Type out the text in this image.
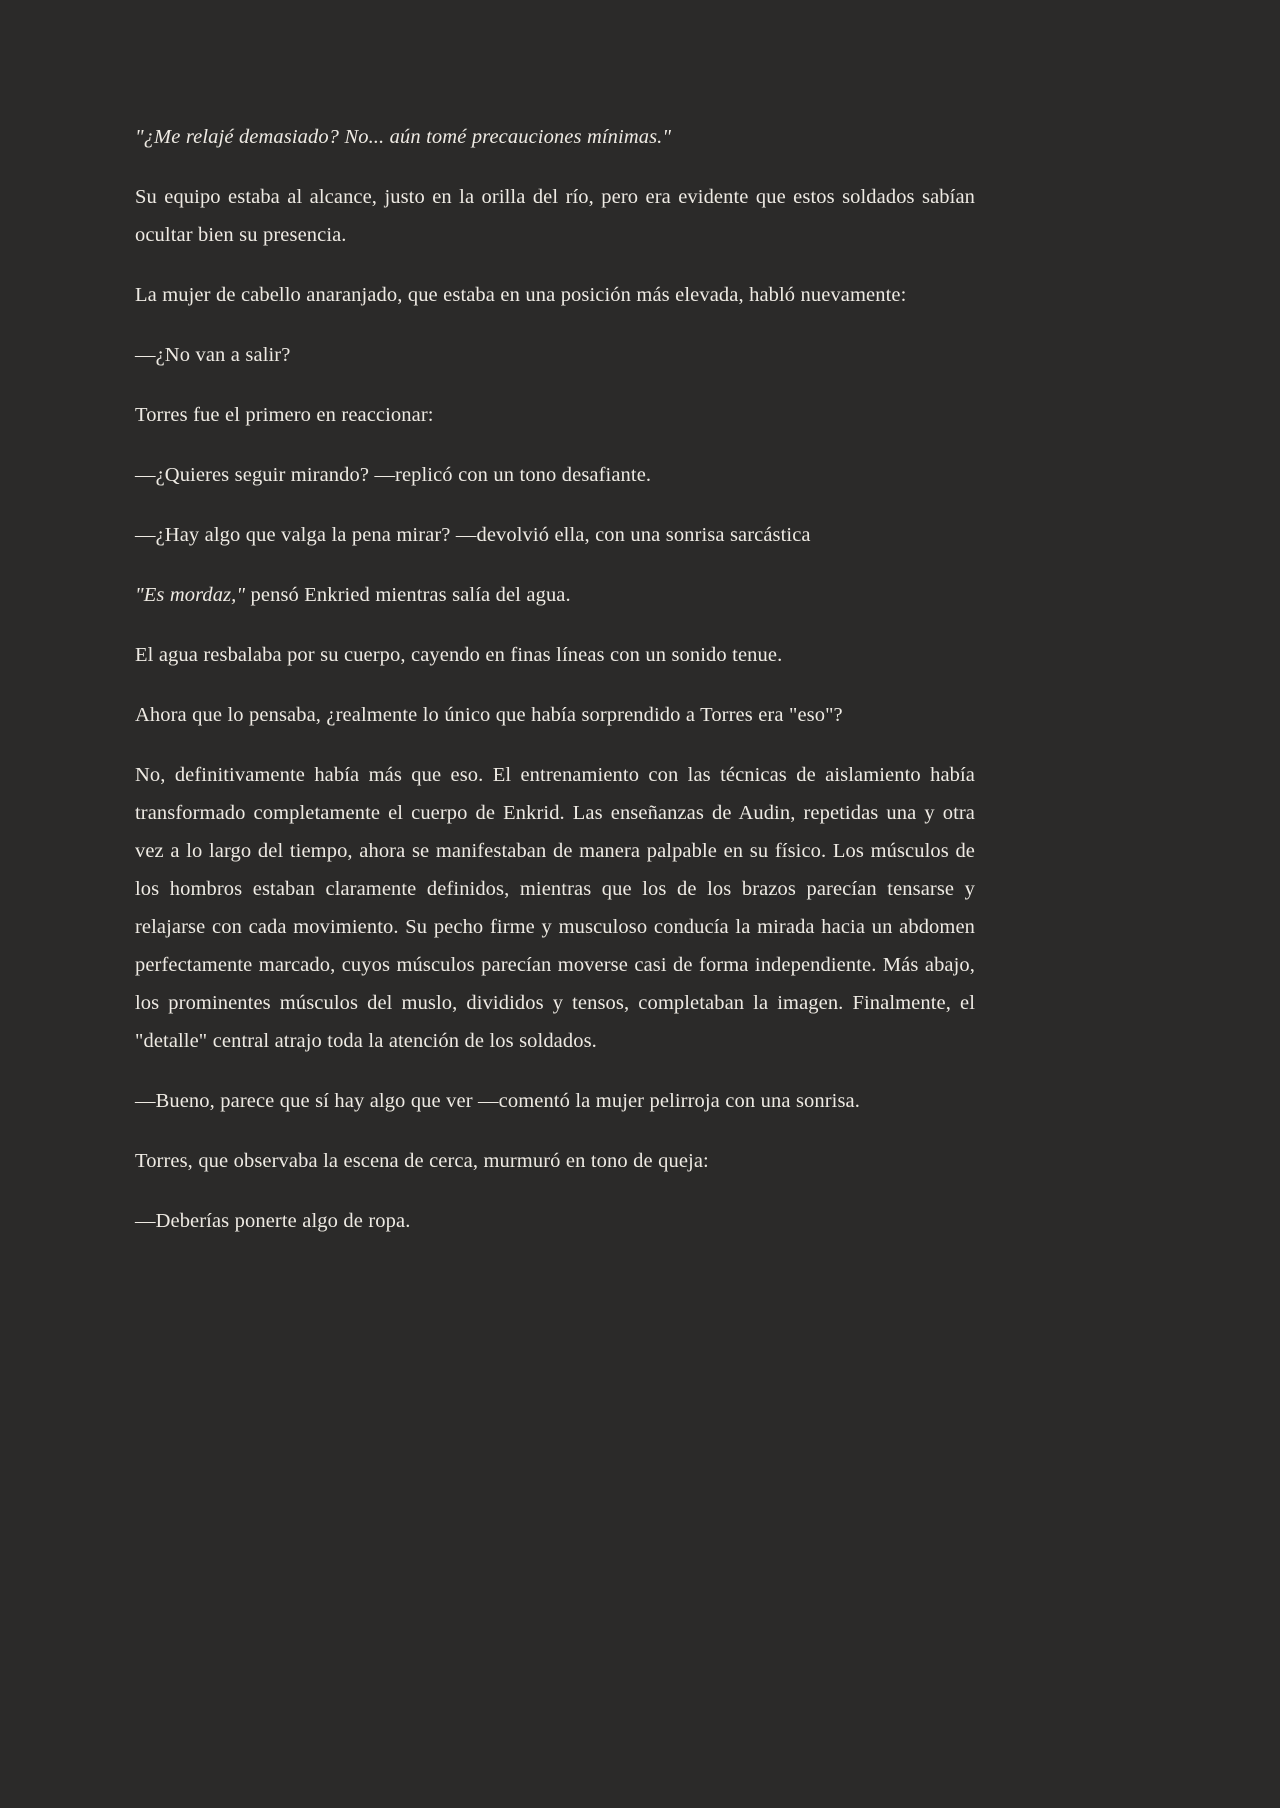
"¿Me relajé demasiado? No... aún tomé precauciones mínimas."

Su equipo estaba al alcance, justo en la orilla del río, pero era evidente que estos soldados sabían ocultar bien su presencia.

La mujer de cabello anaranjado, que estaba en una posición más elevada, habló nuevamente:

—¿No van a salir?

Torres fue el primero en reaccionar:

—¿Quieres seguir mirando? —replicó con un tono desafiante.

—¿Hay algo que valga la pena mirar? —devolvió ella, con una sonrisa sarcástica

"Es mordaz," pensó Enkried mientras salía del agua.

El agua resbalaba por su cuerpo, cayendo en finas líneas con un sonido tenue.

Ahora que lo pensaba, ¿realmente lo único que había sorprendido a Torres era "eso"?

No, definitivamente había más que eso. El entrenamiento con las técnicas de aislamiento había transformado completamente el cuerpo de Enkrid. Las enseñanzas de Audin, repetidas una y otra vez a lo largo del tiempo, ahora se manifestaban de manera palpable en su físico. Los músculos de los hombros estaban claramente definidos, mientras que los de los brazos parecían tensarse y relajarse con cada movimiento. Su pecho firme y musculoso conducía la mirada hacia un abdomen perfectamente marcado, cuyos músculos parecían moverse casi de forma independiente. Más abajo, los prominentes músculos del muslo, divididos y tensos, completaban la imagen. Finalmente, el "detalle" central atrajo toda la atención de los soldados.

—Bueno, parece que sí hay algo que ver —comentó la mujer pelirroja con una sonrisa.

Torres, que observaba la escena de cerca, murmuró en tono de queja:

—Deberías ponerte algo de ropa.
